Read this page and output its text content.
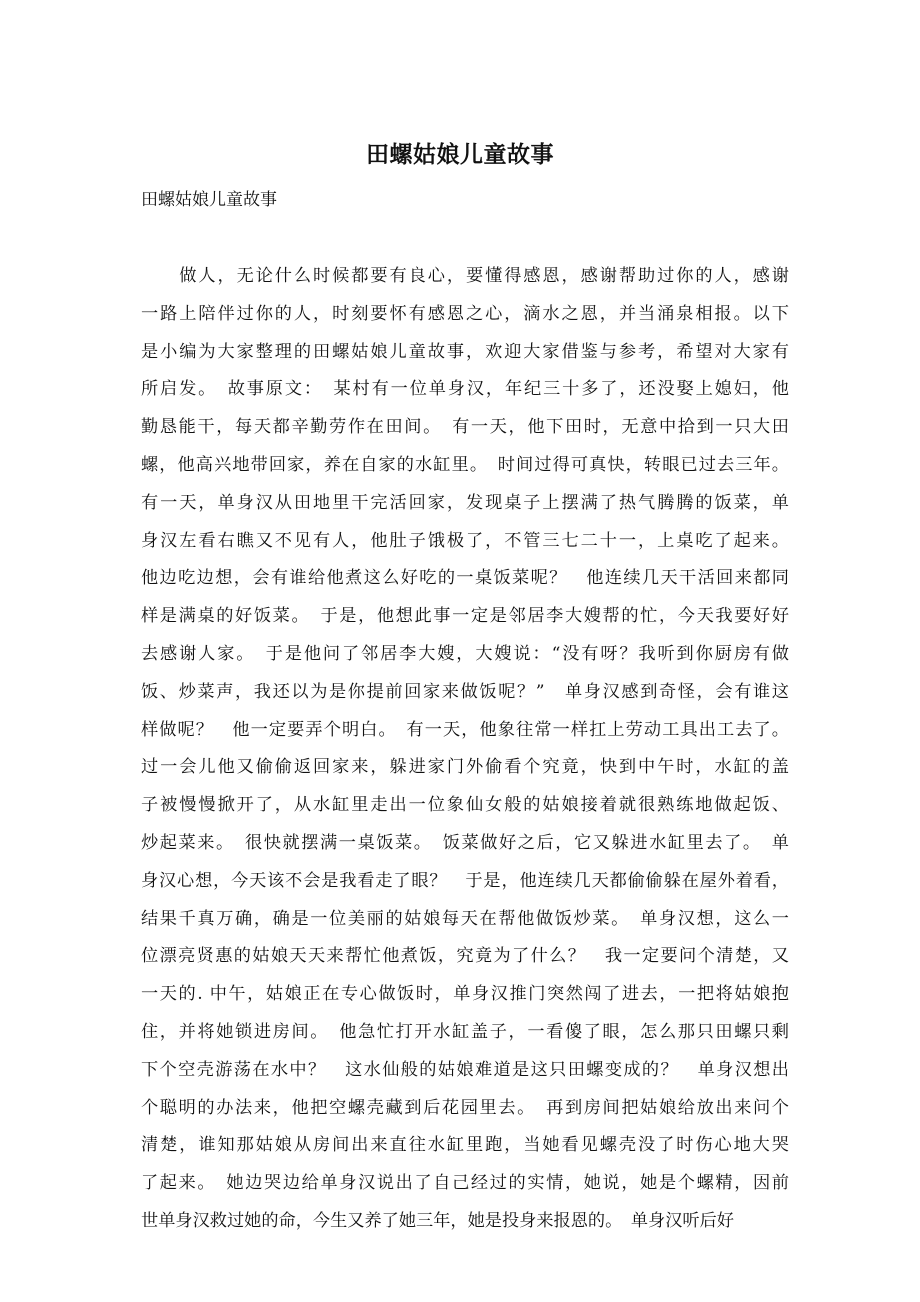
田螺姑娘儿童故事
田螺姑娘儿童故事
　　做人，无论什么时候都要有良心，要懂得感恩，感谢帮助过你的人，感谢
一路上陪伴过你的人，时刻要怀有感恩之心，滴水之恩，并当涌泉相报。以下
是小编为大家整理的田螺姑娘儿童故事，欢迎大家借鉴与参考，希望对大家有
所启发。　故事原文：　某村有一位单身汉，年纪三十多了，还没娶上媳妇，他
勤恳能干，每天都辛勤劳作在田间。　有一天，他下田时，无意中拾到一只大田
螺，他高兴地带回家，养在自家的水缸里。　时间过得可真快，转眼已过去三年。
有一天，单身汉从田地里干完活回家，发现桌子上摆满了热气腾腾的饭菜，单
身汉左看右瞧又不见有人，他肚子饿极了，不管三七二十一，上桌吃了起来。
他边吃边想，会有谁给他煮这么好吃的一桌饭菜呢？　他连续几天干活回来都同
样是满桌的好饭菜。　于是，他想此事一定是邻居李大嫂帮的忙，今天我要好好
去感谢人家。　于是他问了邻居李大嫂，大嫂说：“没有呀？我听到你厨房有做
饭、炒菜声，我还以为是你提前回家来做饭呢？”　单身汉感到奇怪，会有谁这
样做呢？　他一定要弄个明白。　有一天，他象往常一样扛上劳动工具出工去了。
过一会儿他又偷偷返回家来，躲进家门外偷看个究竟，快到中午时，水缸的盖
子被慢慢掀开了，从水缸里走出一位象仙女般的姑娘接着就很熟练地做起饭、
炒起菜来。　很快就摆满一桌饭菜。　饭菜做好之后，它又躲进水缸里去了。　单
身汉心想，今天该不会是我看走了眼？　于是，他连续几天都偷偷躲在屋外着看，
结果千真万确，确是一位美丽的姑娘每天在帮他做饭炒菜。　单身汉想，这么一
位漂亮贤惠的姑娘天天来帮忙他煮饭，究竟为了什么？　我一定要问个清楚，又
一天的. 中午，姑娘正在专心做饭时，单身汉推门突然闯了进去，一把将姑娘抱
住，并将她锁进房间。　他急忙打开水缸盖子，一看傻了眼，怎么那只田螺只剩
下个空壳游荡在水中？　这水仙般的姑娘难道是这只田螺变成的？　单身汉想出
个聪明的办法来，他把空螺壳藏到后花园里去。　再到房间把姑娘给放出来问个
清楚，谁知那姑娘从房间出来直往水缸里跑，当她看见螺壳没了时伤心地大哭
了起来。　她边哭边给单身汉说出了自己经过的实情，她说，她是个螺精，因前
世单身汉救过她的命，今生又养了她三年，她是投身来报恩的。　单身汉听后好
